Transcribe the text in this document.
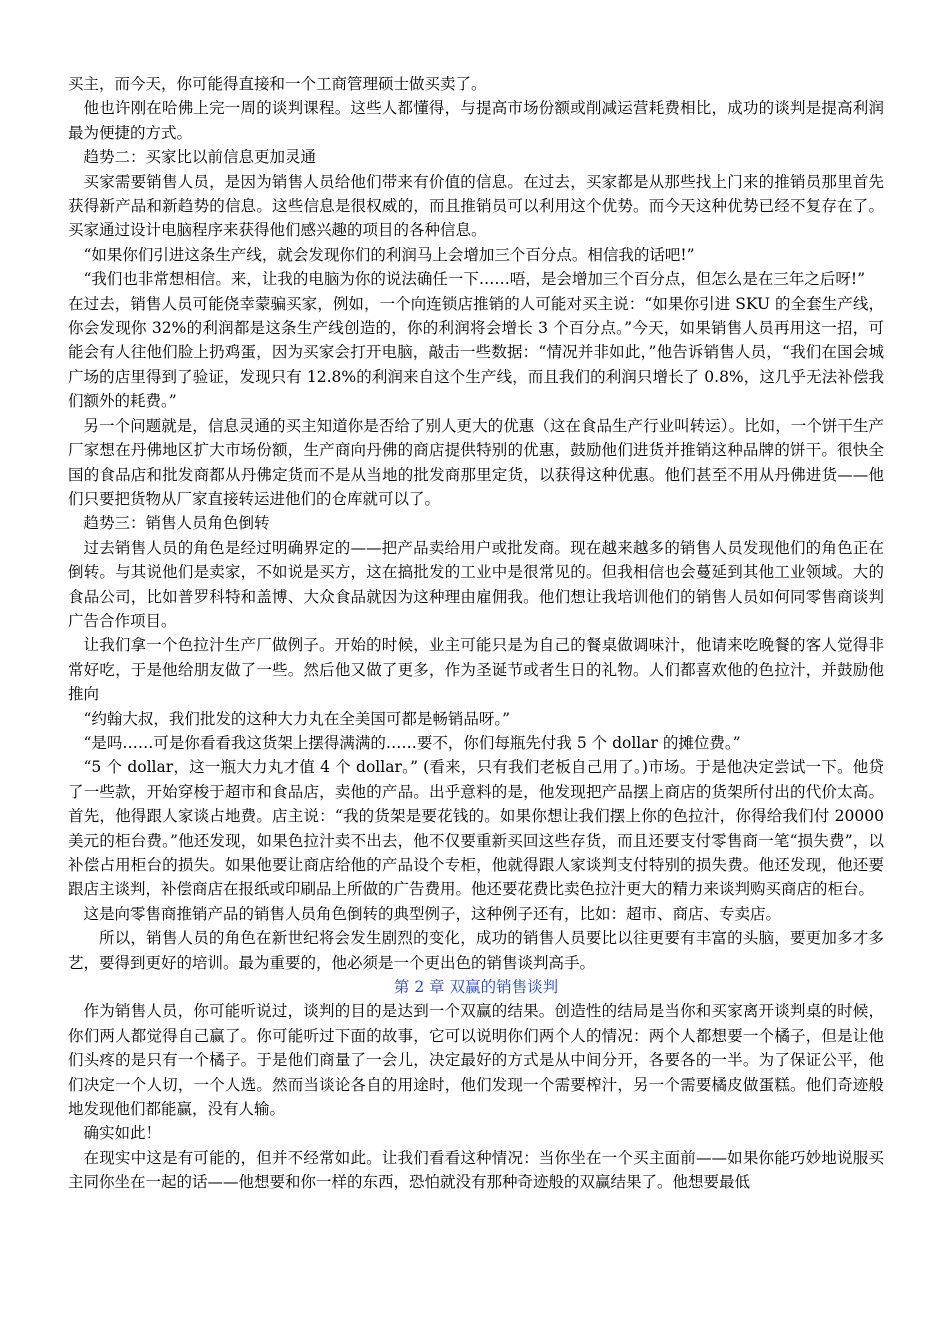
买主，而今天，你可能得直接和一个工商管理硕士做买卖了。

他也许刚在哈佛上完一周的谈判课程。这些人都懂得，与提高市场份额或削减运营耗费相比，成功的谈判是提高利润最为便捷的方式。

趋势二：买家比以前信息更加灵通

买家需要销售人员，是因为销售人员给他们带来有价值的信息。在过去，买家都是从那些找上门来的推销员那里首先获得新产品和新趋势的信息。这些信息是很权威的，而且推销员可以利用这个优势。而今天这种优势已经不复存在了。买家通过设计电脑程序来获得他们感兴趣的项目的各种信息。

“如果你们引进这条生产线，就会发现你们的利润马上会增加三个百分点。相信我的话吧!”

“我们也非常想相信。来，让我的电脑为你的说法确任一下……唔，是会增加三个百分点，但怎么是在三年之后呀!”

在过去，销售人员可能侥幸蒙骗买家，例如，一个向连锁店推销的人可能对买主说：“如果你引进 SKU 的全套生产线，你会发现你 32%的利润都是这条生产线创造的，你的利润将会增长 3 个百分点。”今天，如果销售人员再用这一招，可能会有人往他们脸上扔鸡蛋，因为买家会打开电脑，敲击一些数据：“情况并非如此，”他告诉销售人员，“我们在国会城广场的店里得到了验证，发现只有 12.8%的利润来自这个生产线，而且我们的利润只增长了 0.8%，这几乎无法补偿我们额外的耗费。”

另一个问题就是，信息灵通的买主知道你是否给了别人更大的优惠（这在食品生产行业叫转运）。比如，一个饼干生产厂家想在丹佛地区扩大市场份额，生产商向丹佛的商店提供特别的优惠，鼓励他们进货并推销这种品牌的饼干。很快全国的食品店和批发商都从丹佛定货而不是从当地的批发商那里定货，以获得这种优惠。他们甚至不用从丹佛进货——他们只要把货物从厂家直接转运进他们的仓库就可以了。

趋势三：销售人员角色倒转

过去销售人员的角色是经过明确界定的——把产品卖给用户或批发商。现在越来越多的销售人员发现他们的角色正在倒转。与其说他们是卖家，不如说是买方，这在搞批发的工业中是很常见的。但我相信也会蔓延到其他工业领域。大的食品公司，比如普罗科特和盖博、大众食品就因为这种理由雇佣我。他们想让我培训他们的销售人员如何同零售商谈判广告合作项目。

让我们拿一个色拉汁生产厂做例子。开始的时候，业主可能只是为自己的餐桌做调味汁，他请来吃晚餐的客人觉得非常好吃，于是他给朋友做了一些。然后他又做了更多，作为圣诞节或者生日的礼物。人们都喜欢他的色拉汁，并鼓励他推向

“约翰大叔，我们批发的这种大力丸在全美国可都是畅销品呀。”

“是吗……可是你看看我这货架上摆得满满的……要不，你们每瓶先付我 5 个 dollar 的摊位费。”

“5 个 dollar，这一瓶大力丸才值 4 个 dollar。” (看来，只有我们老板自己用了。)市场。于是他决定尝试一下。他贷了一些款，开始穿梭于超市和食品店，卖他的产品。出乎意料的是，他发现把产品摆上商店的货架所付出的代价太高。首先，他得跟人家谈占地费。店主说：“我的货架是要花钱的。如果你想让我们摆上你的色拉汁，你得给我们付 20000 美元的柜台费。”他还发现，如果色拉汁卖不出去，他不仅要重新买回这些存货，而且还要支付零售商一笔“损失费”，以补偿占用柜台的损失。如果他要让商店给他的产品设个专柜，他就得跟人家谈判支付特别的损失费。他还发现，他还要跟店主谈判，补偿商店在报纸或印刷品上所做的广告费用。他还要花费比卖色拉汁更大的精力来谈判购买商店的柜台。

这是向零售商推销产品的销售人员角色倒转的典型例子，这种例子还有，比如：超市、商店、专卖店。

所以，销售人员的角色在新世纪将会发生剧烈的变化，成功的销售人员要比以往更要有丰富的头脑，要更加多才多艺，要得到更好的培训。最为重要的，他必须是一个更出色的销售谈判高手。

第 2 章 双赢的销售谈判

作为销售人员，你可能听说过，谈判的目的是达到一个双赢的结果。创造性的结局是当你和买家离开谈判桌的时候，你们两人都觉得自己赢了。你可能听过下面的故事，它可以说明你们两个人的情况：两个人都想要一个橘子，但是让他们头疼的是只有一个橘子。于是他们商量了一会儿，决定最好的方式是从中间分开，各要各的一半。为了保证公平，他们决定一个人切，一个人选。然而当谈论各自的用途时，他们发现一个需要榨汁，另一个需要橘皮做蛋糕。他们奇迹般地发现他们都能赢，没有人输。

确实如此！

在现实中这是有可能的，但并不经常如此。让我们看看这种情况：当你坐在一个买主面前——如果你能巧妙地说服买主同你坐在一起的话——他想要和你一样的东西，恐怕就没有那种奇迹般的双赢结果了。他想要最低
